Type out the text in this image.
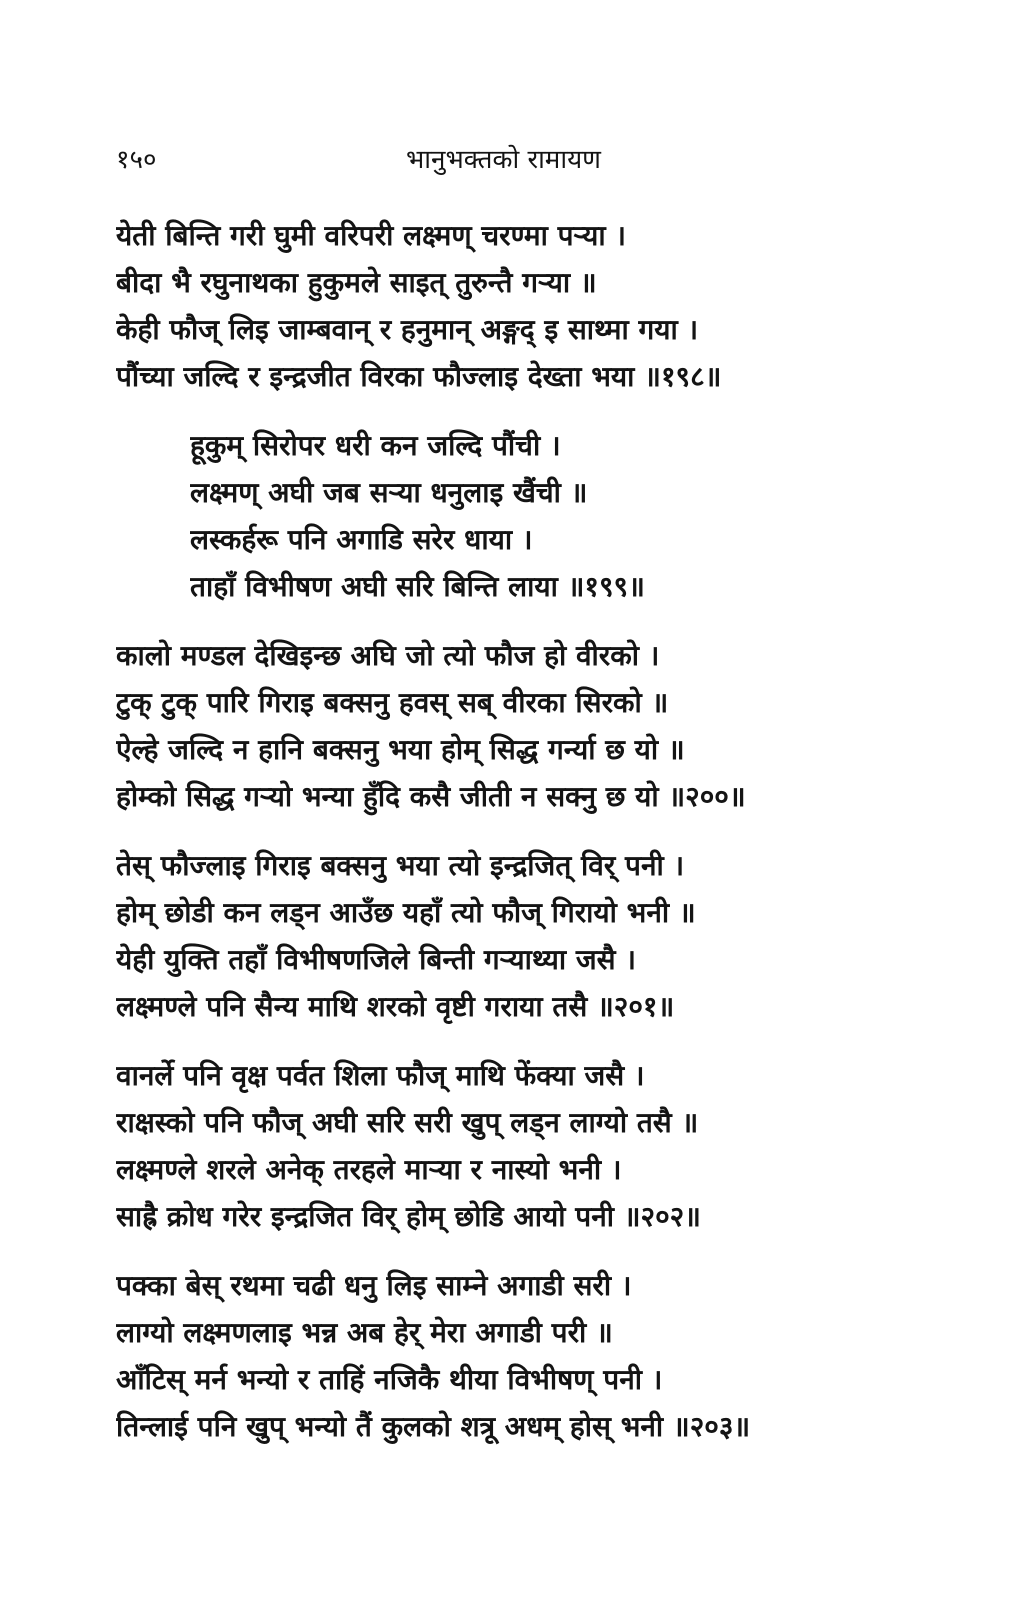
१५०	भानुभक्तको रामायण
येती बिन्ति गरी घुमी वरिपरी लक्ष्मण् चरण्मा पऱ्या ।
बीदा भै रघुनाथका हुकुमले साइत् तुरुन्तै गऱ्या ॥
केही फौज् लिइ जाम्बवान् र हनुमान् अङ्गद् इ साथ्मा गया ।
पौंच्या जल्दि र इन्द्रजीत विरका फौज्लाइ देख्ता भया ॥१९८॥
हूकुम् सिरोपर धरी कन जल्दि पौंची ।
लक्ष्मण् अघी जब सऱ्या धनुलाइ खैंची ॥
लस्कर्हरू पनि अगाडि सरेर धाया ।
ताहाँ विभीषण अघी सरि बिन्ति लाया ॥१९९॥
कालो मण्डल देखिइन्छ अघि जो त्यो फौज हो वीरको ।
टुक् टुक् पारि गिराइ बक्सनु हवस् सब् वीरका सिरको ॥
ऐल्हे जल्दि न हानि बक्सनु भया होम् सिद्ध गर्न्या छ यो ॥
होम्को सिद्ध गऱ्यो भन्या हुँदि कसै जीती न सक्नु छ यो ॥२००॥
तेस् फौज्लाइ गिराइ बक्सनु भया त्यो इन्द्रजित् विर् पनी ।
होम् छोडी कन लड्न आउँछ यहाँ त्यो फौज् गिरायो भनी ॥
येही युक्ति तहाँ विभीषणजिले बिन्ती गऱ्याथ्या जसै ।
लक्ष्मण्ले पनि सैन्य माथि शरको वृष्टी गराया तसै ॥२०१॥
वानर्ले पनि वृक्ष पर्वत शिला फौज् माथि फेंक्या जसै ।
राक्षस्को पनि फौज् अघी सरि सरी खुप् लड्न लाग्यो तसै ॥
लक्ष्मण्ले शरले अनेक् तरहले माऱ्या र नास्यो भनी ।
साह्रै क्रोध गरेर इन्द्रजित विर् होम् छोडि आयो पनी ॥२०२॥
पक्का बेस् रथमा चढी धनु लिइ साम्ने अगाडी सरी ।
लाग्यो लक्ष्मणलाइ भन्न अब हेर् मेरा अगाडी परी ॥
आँटिस् मर्न भन्यो र ताहिं नजिकै थीया विभीषण् पनी ।
तिन्लाई पनि खुप् भन्यो तैं कुलको शत्रू अधम् होस् भनी ॥२०३॥
